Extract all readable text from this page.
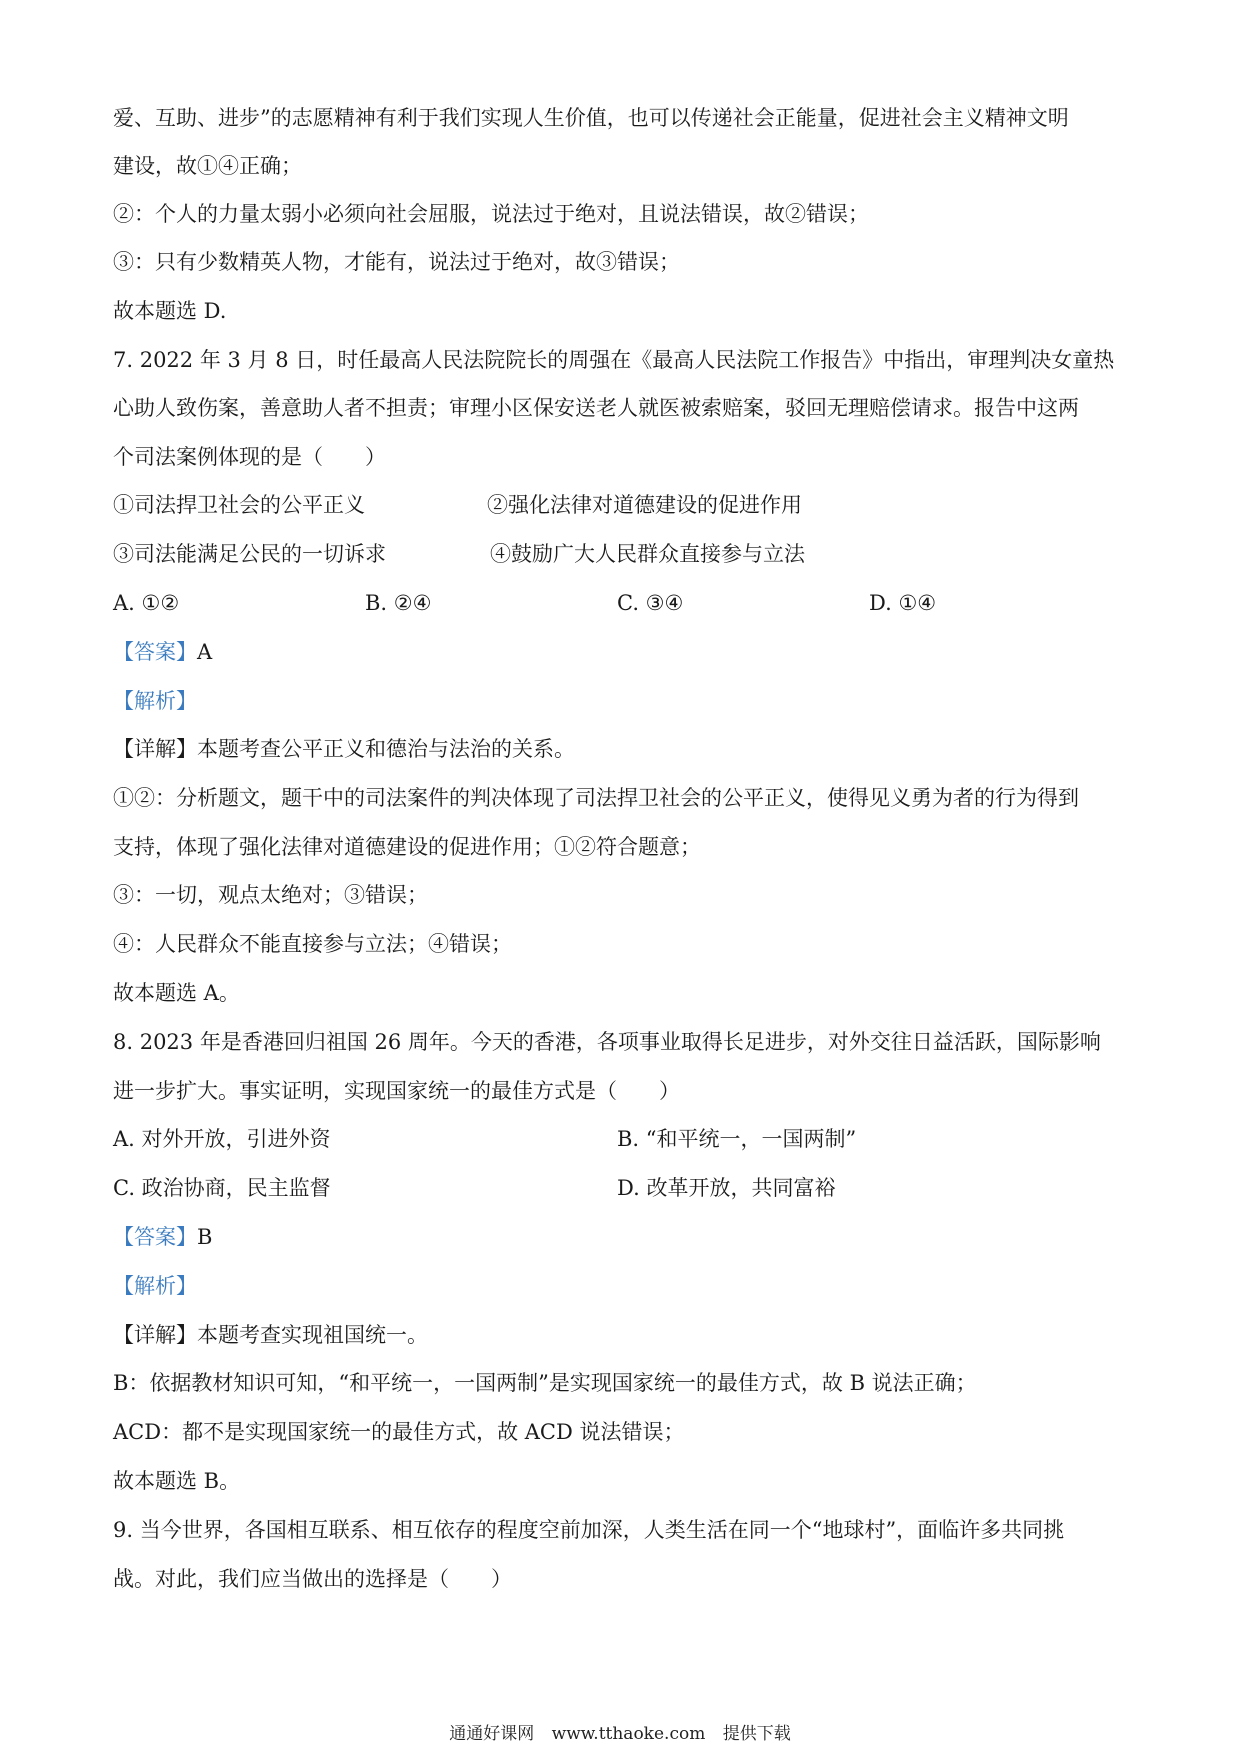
爱、互助、进步”的志愿精神有利于我们实现人生价值，也可以传递社会正能量，促进社会主义精神文明
建设，故①④正确；
②：个人的力量太弱小必须向社会屈服，说法过于绝对，且说法错误，故②错误；
③：只有少数精英人物，才能有，说法过于绝对，故③错误；
故本题选 D.
7. 2022 年 3 月 8 日，时任最高人民法院院长的周强在《最高人民法院工作报告》中指出，审理判决女童热
心助人致伤案，善意助人者不担责；审理小区保安送老人就医被索赔案，驳回无理赔偿请求。报告中这两
个司法案例体现的是（　　）
①司法捍卫社会的公平正义	②强化法律对道德建设的促进作用
③司法能满足公民的一切诉求	④鼓励广大人民群众直接参与立法
A. ①②	B. ②④	C. ③④	D. ①④
【答案】A
【解析】
【详解】本题考查公平正义和德治与法治的关系。
①②：分析题文，题干中的司法案件的判决体现了司法捍卫社会的公平正义，使得见义勇为者的行为得到
支持，体现了强化法律对道德建设的促进作用；①②符合题意；
③：一切，观点太绝对；③错误；
④：人民群众不能直接参与立法；④错误；
故本题选 A。
8. 2023 年是香港回归祖国 26 周年。今天的香港，各项事业取得长足进步，对外交往日益活跃，国际影响
进一步扩大。事实证明，实现国家统一的最佳方式是（　　）
A. 对外开放，引进外资	B. “和平统一，一国两制”
C. 政治协商，民主监督	D. 改革开放，共同富裕
【答案】B
【解析】
【详解】本题考查实现祖国统一。
B：依据教材知识可知，“和平统一，一国两制”是实现国家统一的最佳方式，故 B 说法正确；
ACD：都不是实现国家统一的最佳方式，故 ACD 说法错误；
故本题选 B。
9. 当今世界，各国相互联系、相互依存的程度空前加深，人类生活在同一个“地球村”，面临许多共同挑
战。对此，我们应当做出的选择是（　　）
通通好课网 www.tthaoke.com 提供下载
